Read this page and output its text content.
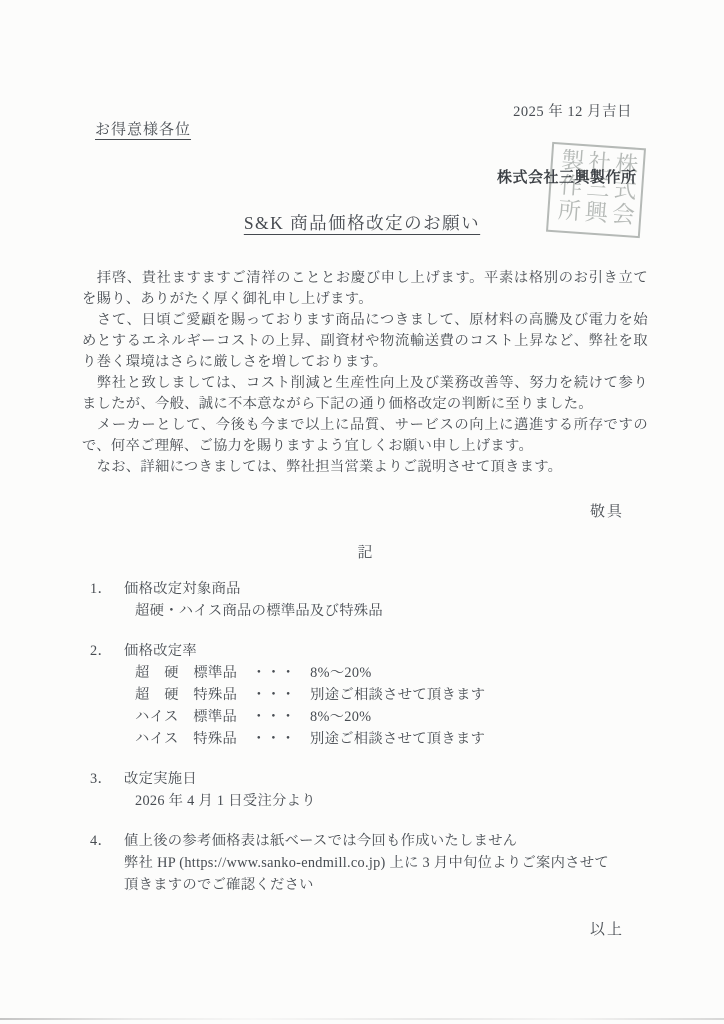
2025 年 12 月吉日
お得意様各位
株式会社三興製作所
株式会社三興製作所
S&K 商品価格改定のお願い

　拝啓、貴社ますますご清祥のこととお慶び申し上げます。平素は格別のお引き立てを賜り、ありがたく厚く御礼申し上げます。

　さて、日頃ご愛顧を賜っております商品につきまして、原材料の高騰及び電力を始めとするエネルギーコストの上昇、副資材や物流輸送費のコスト上昇など、弊社を取り巻く環境はさらに厳しさを増しております。

　弊社と致しましては、コスト削減と生産性向上及び業務改善等、努力を続けて参りましたが、今般、誠に不本意ながら下記の通り価格改定の判断に至りました。

　メーカーとして、今後も今まで以上に品質、サービスの向上に邁進する所存ですので、何卒ご理解、ご協力を賜りますよう宜しくお願い申し上げます。

　なお、詳細につきましては、弊社担当営業よりご説明させて頂きます。

敬具
記
1． 価格改定対象商品
超硬・ハイス商品の標準品及び特殊品
2． 価格改定率
超　硬　標準品　・・・　8%～20%
超　硬　特殊品　・・・　別途ご相談させて頂きます
ハイス　標準品　・・・　8%～20%
ハイス　特殊品　・・・　別途ご相談させて頂きます
3． 改定実施日
2026 年 4 月 1 日受注分より
4． 値上後の参考価格表は紙ベースでは今回も作成いたしません
弊社 HP (https://www.sanko-endmill.co.jp) 上に 3 月中旬位よりご案内させて
頂きますのでご確認ください
以上
